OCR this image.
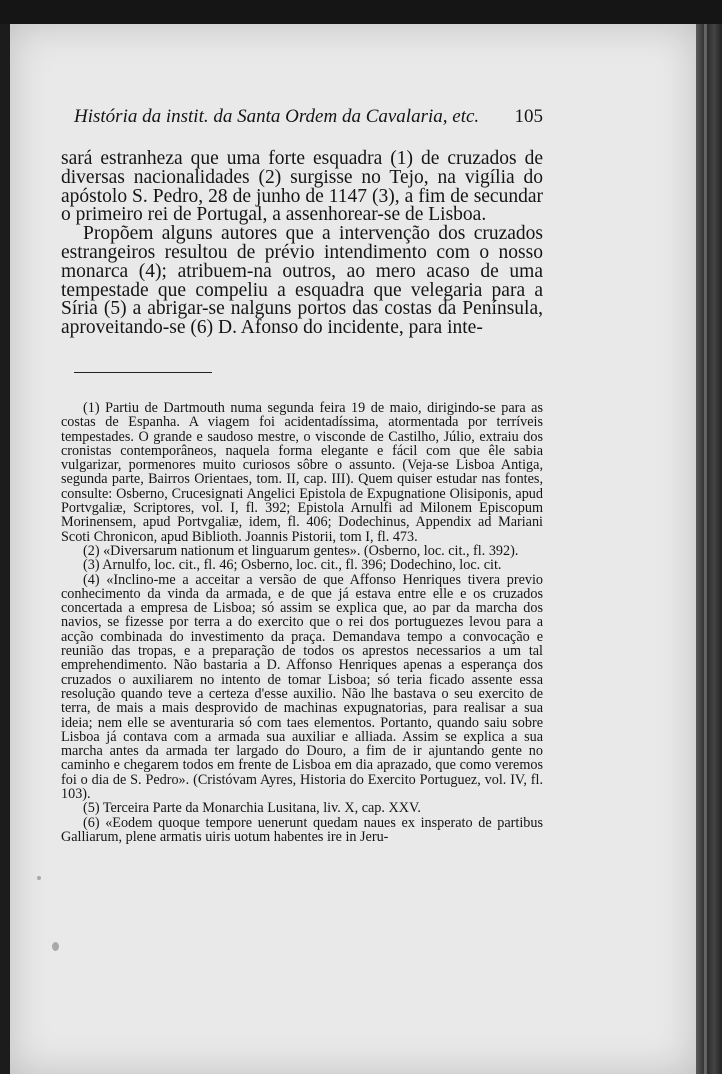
História da instit. da Santa Ordem da Cavalaria, etc. 105

sará estranheza que uma forte esquadra (1) de cruzados de diversas nacionalidades (2) surgisse no Tejo, na vigília do apóstolo S. Pedro, 28 de junho de 1147 (3), a fim de secundar o primeiro rei de Portugal, a assenhorear-se de Lisboa.

Propõem alguns autores que a intervenção dos cruzados estrangeiros resultou de prévio intendimento com o nosso monarca (4); atribuem-na outros, ao mero acaso de uma tempestade que compeliu a esquadra que velegaria para a Síria (5) a abrigar-se nalguns portos das costas da Península, aproveitando-se (6) D. Afonso do incidente, para inte-

(1) Partiu de Dartmouth numa segunda feira 19 de maio, dirigindo-se para as costas de Espanha. A viagem foi acidentadíssima, atormentada por terríveis tempestades. O grande e saudoso mestre, o visconde de Castilho, Júlio, extraiu dos cronistas contemporâneos, naquela forma elegante e fácil com que êle sabia vulgarizar, pormenores muito curiosos sôbre o assunto. (Veja-se Lisboa Antiga, segunda parte, Bairros Orientaes, tom. II, cap. III). Quem quiser estudar nas fontes, consulte: Osberno, Crucesignati Angelici Epistola de Expugnatione Olisiponis, apud Portvgaliæ, Scriptores, vol. I, fl. 392; Epistola Arnulfi ad Milonem Episcopum Morinensem, apud Portvgaliæ, idem, fl. 406; Dodechinus, Appendix ad Mariani Scoti Chronicon, apud Biblioth. Joannis Pistorii, tom I, fl. 473.

(2) «Diversarum nationum et linguarum gentes». (Osberno, loc. cit., fl. 392).

(3) Arnulfo, loc. cit., fl. 46; Osberno, loc. cit., fl. 396; Dodechino, loc. cit.

(4) «Inclino-me a acceitar a versão de que Affonso Henriques tivera previo conhecimento da vinda da armada, e de que já estava entre elle e os cruzados concertada a empresa de Lisboa; só assim se explica que, ao par da marcha dos navios, se fizesse por terra a do exercito que o rei dos portuguezes levou para a acção combinada do investimento da praça. Demandava tempo a convocação e reunião das tropas, e a preparação de todos os aprestos necessarios a um tal emprehendimento. Não bastaria a D. Affonso Henriques apenas a esperança dos cruzados o auxiliarem no intento de tomar Lisboa; só teria ficado assente essa resolução quando teve a certeza d'esse auxilio. Não lhe bastava o seu exercito de terra, de mais a mais desprovido de machinas expugnatorias, para realisar a sua ideia; nem elle se aventuraria só com taes elementos. Portanto, quando saiu sobre Lisboa já contava com a armada sua auxiliar e alliada. Assim se explica a sua marcha antes da armada ter largado do Douro, a fim de ir ajuntando gente no caminho e chegarem todos em frente de Lisboa em dia aprazado, que como veremos foi o dia de S. Pedro». (Cristóvam Ayres, Historia do Exercito Portuguez, vol. IV, fl. 103).

(5) Terceira Parte da Monarchia Lusitana, liv. X, cap. XXV.

(6) «Eodem quoque tempore uenerunt quedam naues ex insperato de partibus Galliarum, plene armatis uiris uotum habentes ire in Jeru-
